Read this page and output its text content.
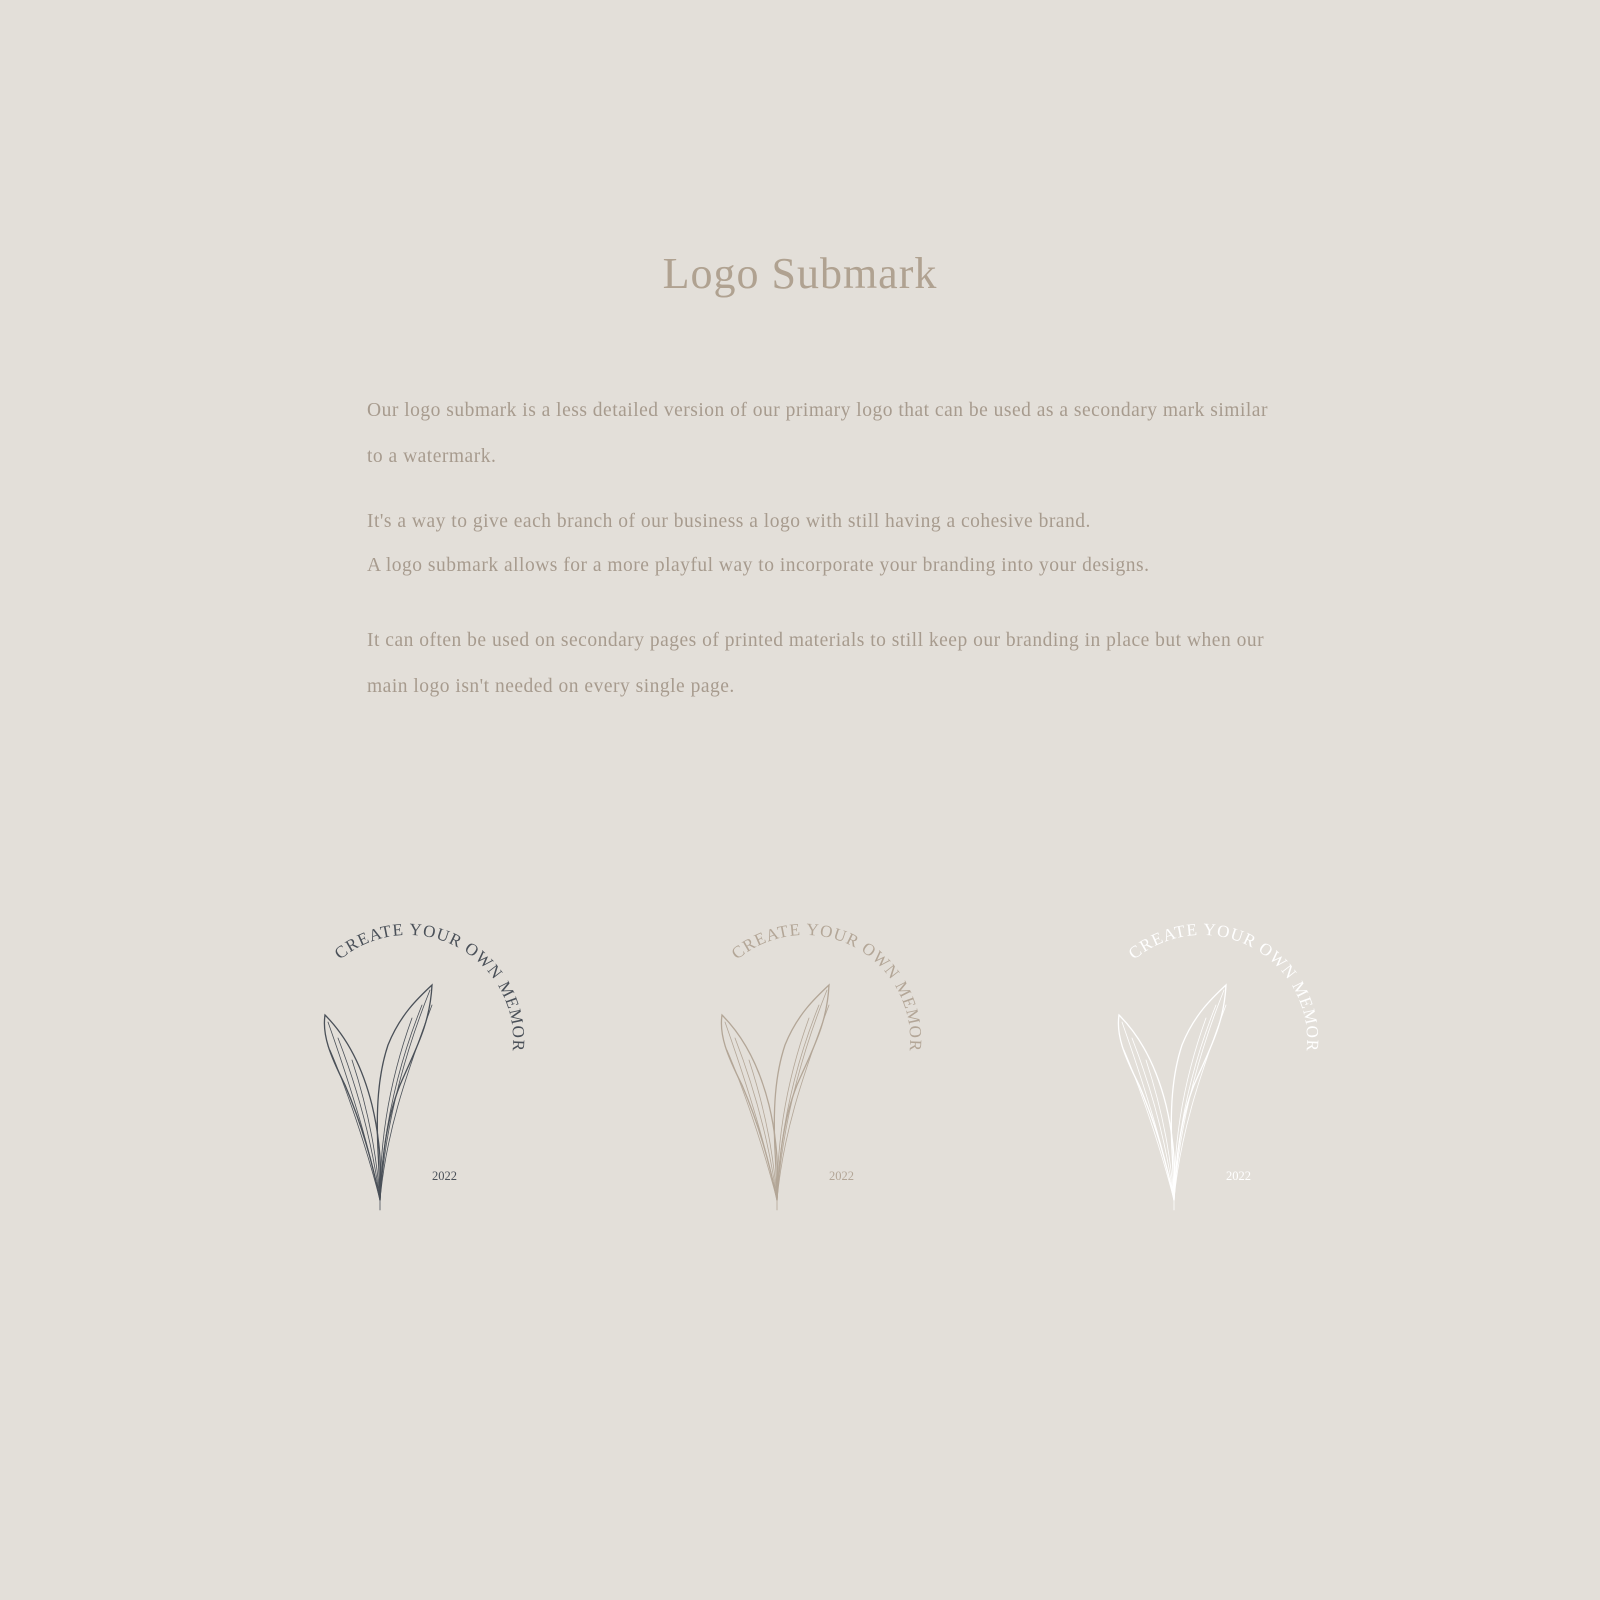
Logo Submark

Our logo submark is a less detailed version of our primary logo that can be used as a secondary mark similar to a watermark.

It's a way to give each branch of our business a logo with still having a cohesive brand.

A logo submark allows for a more playful way to incorporate your branding into your designs.

It can often be used on secondary pages of printed materials to still keep our branding in place but when our main logo isn't needed on every single page.

CREATE YOUR OWN MEMORY.
2022
CREATE YOUR OWN MEMORY.
2022
CREATE YOUR OWN MEMORY.
2022
